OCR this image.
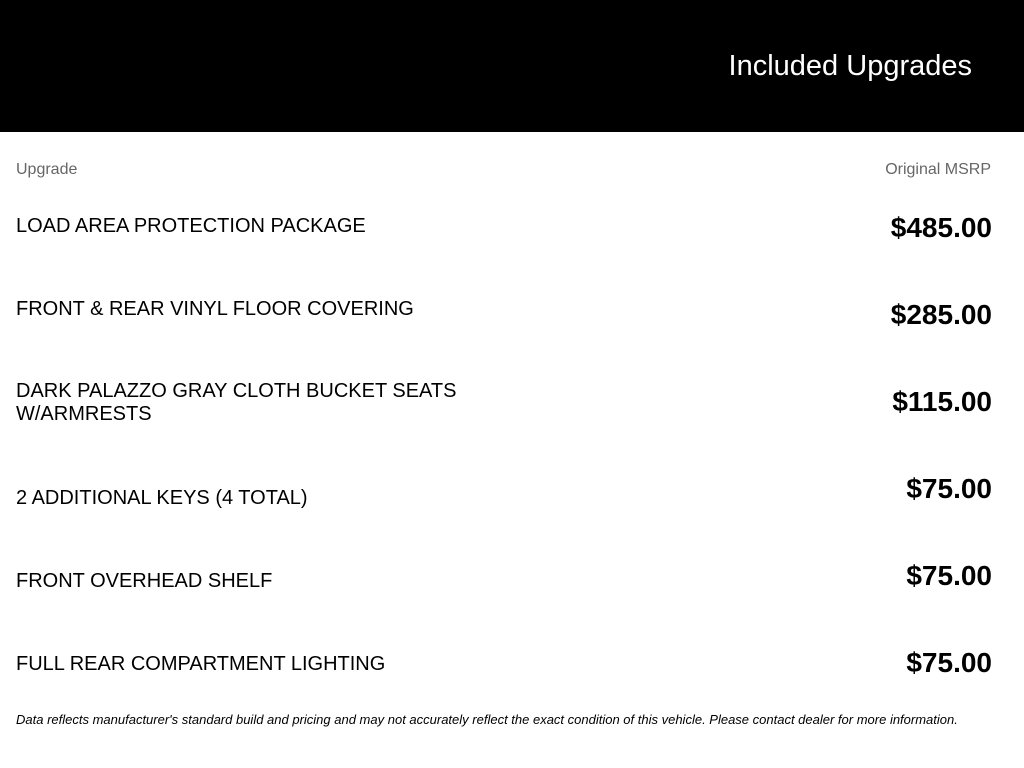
Included Upgrades
Upgrade	Original MSRP
LOAD AREA PROTECTION PACKAGE	$485.00
FRONT & REAR VINYL FLOOR COVERING	$285.00
DARK PALAZZO GRAY CLOTH BUCKET SEATS W/ARMRESTS	$115.00
2 ADDITIONAL KEYS (4 TOTAL)	$75.00
FRONT OVERHEAD SHELF	$75.00
FULL REAR COMPARTMENT LIGHTING	$75.00
Data reflects manufacturer's standard build and pricing and may not accurately reflect the exact condition of this vehicle. Please contact dealer for more information.
